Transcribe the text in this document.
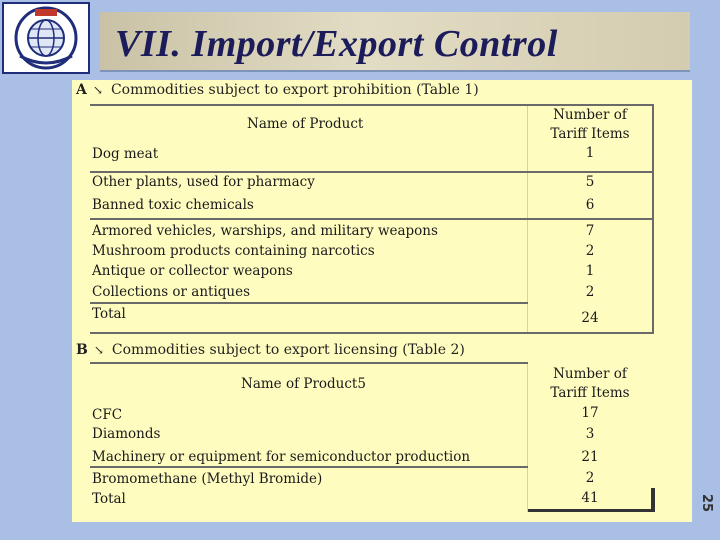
VII. Import/Export Control
A ↘ Commodities subject to export prohibition (Table 1)
Name of Product
Number of
Tariff Items
Dog meat	1
Other plants, used for pharmacy	5
Banned toxic chemicals	6
Armored vehicles, warships, and military weapons	7
Mushroom products containing narcotics	2
Antique or collector weapons	1
Collections or antiques	2
Total	24
B ↘ Commodities subject to export licensing (Table 2)
Name of Product5
Number of
Tariff Items
CFC	17
Diamonds	3
Machinery or equipment for semiconductor production	21
Bromomethane (Methyl Bromide)	2
Total	41	25
